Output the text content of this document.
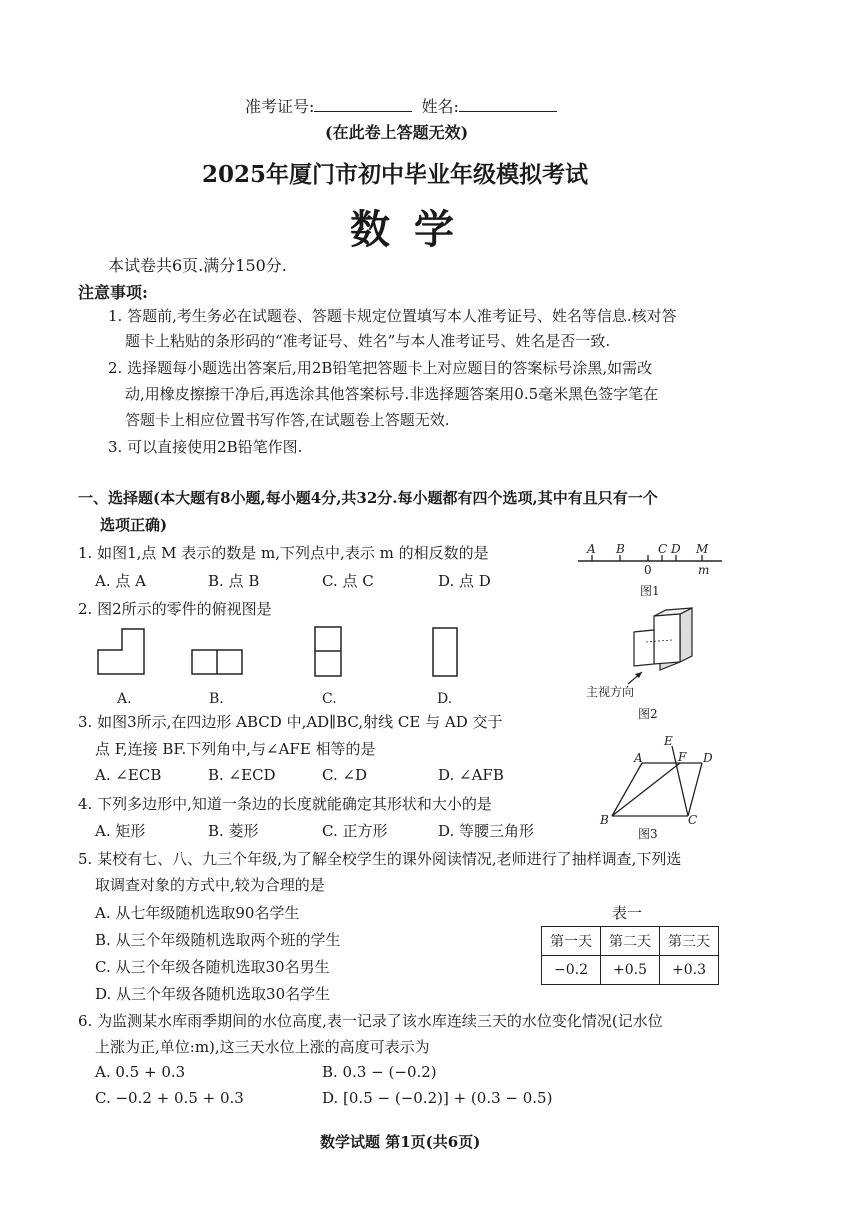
准考证号:	姓名:
(在此卷上答题无效)
2025年厦门市初中毕业年级模拟考试
数学
本试卷共6页.满分150分.
注意事项:
1. 答题前,考生务必在试题卷、答题卡规定位置填写本人准考证号、姓名等信息.核对答
题卡上粘贴的条形码的“准考证号、姓名”与本人准考证号、姓名是否一致.
2. 选择题每小题选出答案后,用2B铅笔把答题卡上对应题目的答案标号涂黑,如需改
动,用橡皮擦擦干净后,再选涂其他答案标号.非选择题答案用0.5毫米黑色签字笔在
答题卡上相应位置书写作答,在试题卷上答题无效.
3. 可以直接使用2B铅笔作图.
一、选择题(本大题有8小题,每小题4分,共32分.每小题都有四个选项,其中有且只有一个
选项正确)
1. 如图1,点 M 表示的数是 m,下列点中,表示 m 的相反数的是
A. 点 A	B. 点 B	C. 点 C	D. 点 D
A B	C D M
0	m
图1
2. 图2所示的零件的俯视图是
A.	B.	C.	D.	主视方向
图2
3. 如图3所示,在四边形 ABCD 中,AD∥BC,射线 CE 与 AD 交于
点 F,连接 BF.下列角中,与∠AFE 相等的是
A. ∠ECB	B. ∠ECD	C. ∠D	D. ∠AFB
E
A	F D
B	C
图3
4. 下列多边形中,知道一条边的长度就能确定其形状和大小的是
A. 矩形	B. 菱形	C. 正方形	D. 等腰三角形
5. 某校有七、八、九三个年级,为了解全校学生的课外阅读情况,老师进行了抽样调查,下列选
取调查对象的方式中,较为合理的是
A. 从七年级随机选取90名学生
B. 从三个年级随机选取两个班的学生
C. 从三个年级各随机选取30名男生
D. 从三个年级各随机选取30名学生
表一
第一天	第二天	第三天
−0.2	+0.5	+0.3
6. 为监测某水库雨季期间的水位高度,表一记录了该水库连续三天的水位变化情况(记水位
上涨为正,单位:m),这三天水位上涨的高度可表示为
A. 0.5 + 0.3	B. 0.3 − (−0.2)
C. −0.2 + 0.5 + 0.3	D. [0.5 − (−0.2)] + (0.3 − 0.5)
数学试题 第1页(共6页)
